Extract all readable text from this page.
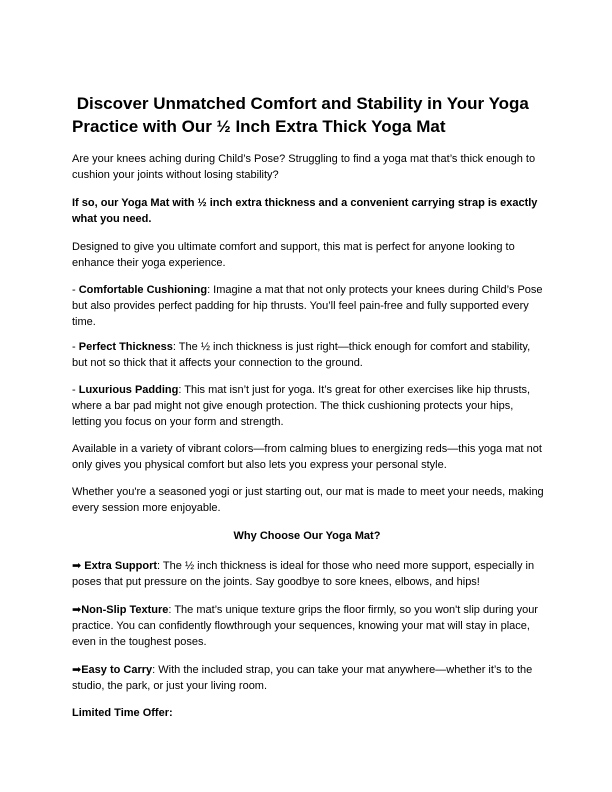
Discover Unmatched Comfort and Stability in Your Yoga Practice with Our ½ Inch Extra Thick Yoga Mat
Are your knees aching during Child’s Pose? Struggling to find a yoga mat that’s thick enough to cushion your joints without losing stability?
If so, our Yoga Mat with ½ inch extra thickness and a convenient carrying strap is exactly what you need.
Designed to give you ultimate comfort and support, this mat is perfect for anyone looking to enhance their yoga experience.
- Comfortable Cushioning: Imagine a mat that not only protects your knees during Child’s Pose but also provides perfect padding for hip thrusts. You’ll feel pain-free and fully supported every time.
- Perfect Thickness: The ½ inch thickness is just right—thick enough for comfort and stability, but not so thick that it affects your connection to the ground.
- Luxurious Padding: This mat isn’t just for yoga. It’s great for other exercises like hip thrusts, where a bar pad might not give enough protection. The thick cushioning protects your hips, letting you focus on your form and strength.
Available in a variety of vibrant colors—from calming blues to energizing reds—this yoga mat not only gives you physical comfort but also lets you express your personal style.
Whether you're a seasoned yogi or just starting out, our mat is made to meet your needs, making every session more enjoyable.
Why Choose Our Yoga Mat?
➡ Extra Support: The ½ inch thickness is ideal for those who need more support, especially in poses that put pressure on the joints. Say goodbye to sore knees, elbows, and hips!
➡Non-Slip Texture: The mat’s unique texture grips the floor firmly, so you won't slip during your practice. You can confidently flowthrough your sequences, knowing your mat will stay in place, even in the toughest poses.
➡Easy to Carry: With the included strap, you can take your mat anywhere—whether it’s to the studio, the park, or just your living room.
Limited Time Offer:
